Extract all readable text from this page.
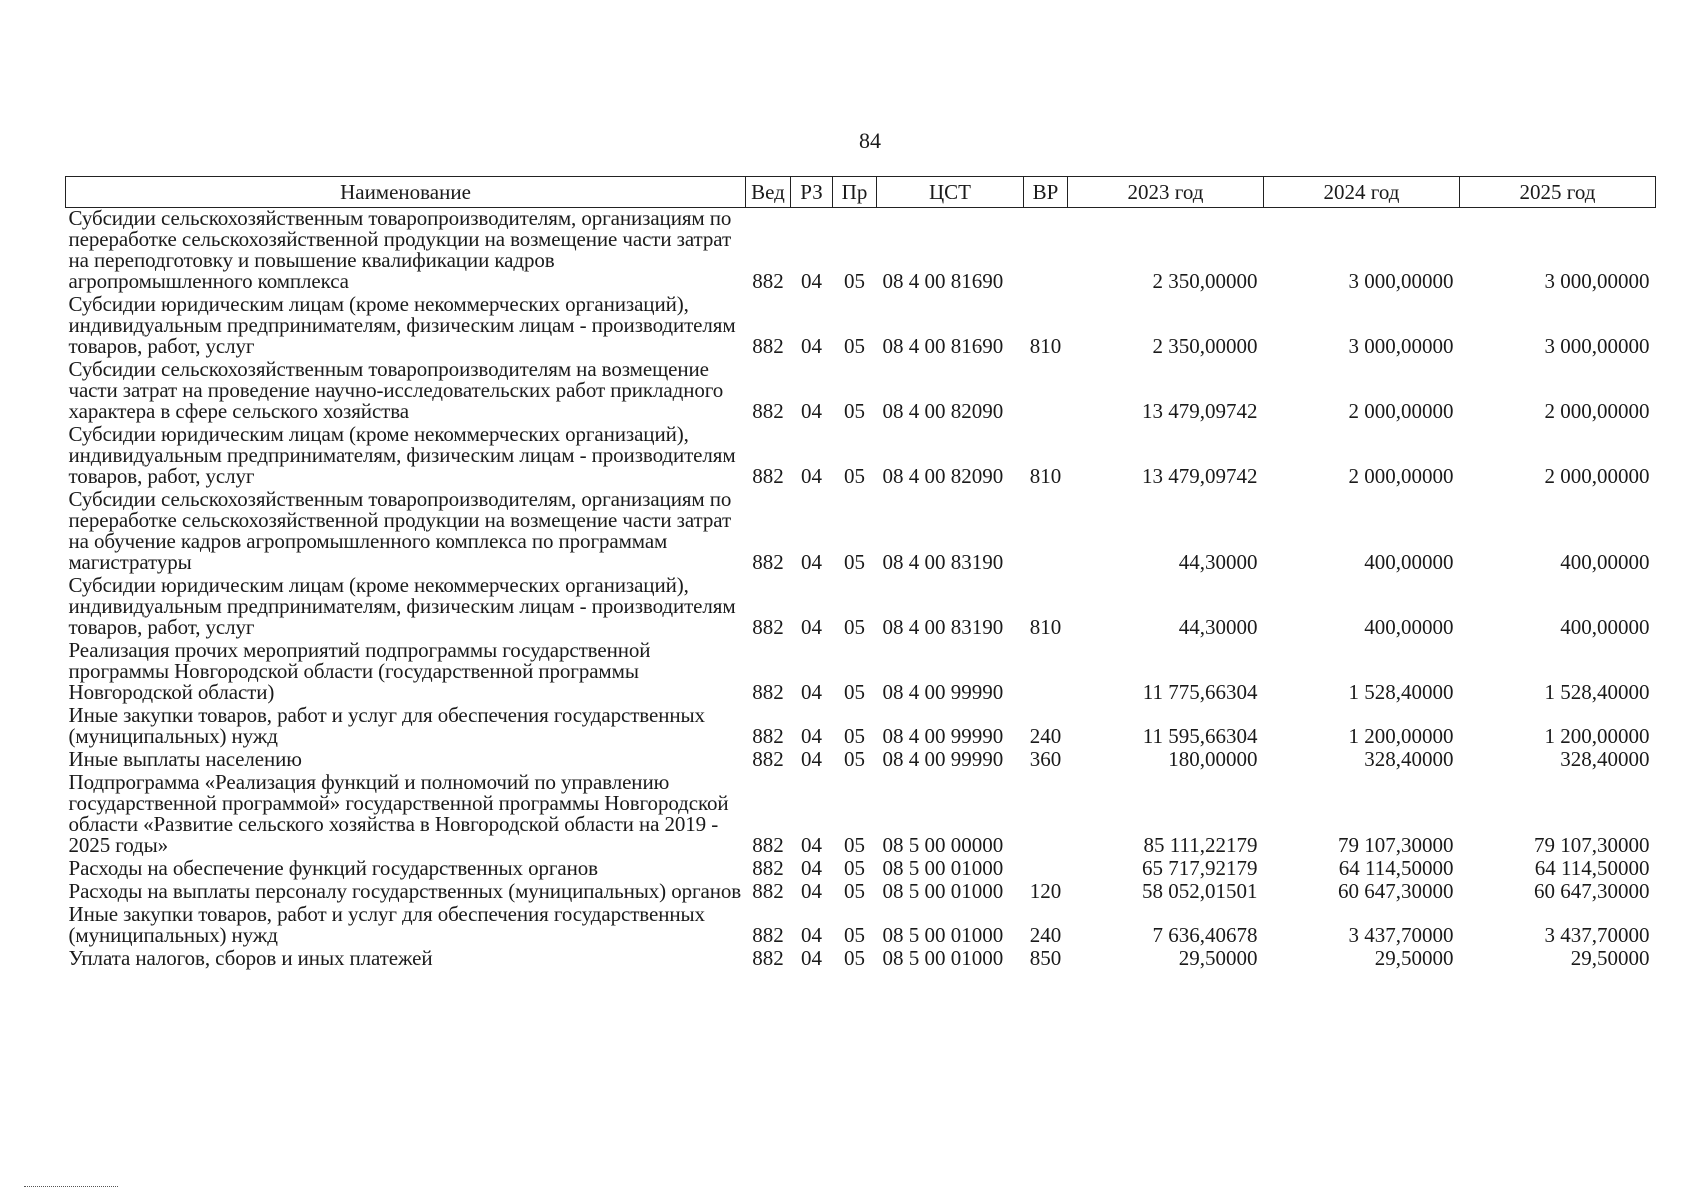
84
Наименование	Вед	РЗ	Пр	ЦСТ	ВР	2023 год	2024 год	2025 год
Субсидии сельскохозяйственным товаропроизводителям, организациям по переработке сельскохозяйственной продукции на возмещение части затрат на переподготовку и повышение квалификации кадров агропромышленного комплекса	882	04	05	08 4 00 81690		2 350,00000	3 000,00000	3 000,00000
Субсидии юридическим лицам (кроме некоммерческих организаций), индивидуальным предпринимателям, физическим лицам - производителям товаров, работ, услуг	882	04	05	08 4 00 81690	810	2 350,00000	3 000,00000	3 000,00000
Субсидии сельскохозяйственным товаропроизводителям на возмещение части затрат на проведение научно-исследовательских работ прикладного характера в сфере сельского хозяйства	882	04	05	08 4 00 82090		13 479,09742	2 000,00000	2 000,00000
Субсидии юридическим лицам (кроме некоммерческих организаций), индивидуальным предпринимателям, физическим лицам - производителям товаров, работ, услуг	882	04	05	08 4 00 82090	810	13 479,09742	2 000,00000	2 000,00000
Субсидии сельскохозяйственным товаропроизводителям, организациям по переработке сельскохозяйственной продукции на возмещение части затрат на обучение кадров агропромышленного комплекса по программам магистратуры	882	04	05	08 4 00 83190		44,30000	400,00000	400,00000
Субсидии юридическим лицам (кроме некоммерческих организаций), индивидуальным предпринимателям, физическим лицам - производителям товаров, работ, услуг	882	04	05	08 4 00 83190	810	44,30000	400,00000	400,00000
Реализация прочих мероприятий подпрограммы государственной программы Новгородской области (государственной программы Новгородской области)	882	04	05	08 4 00 99990		11 775,66304	1 528,40000	1 528,40000
Иные закупки товаров, работ и услуг для обеспечения государственных (муниципальных) нужд	882	04	05	08 4 00 99990	240	11 595,66304	1 200,00000	1 200,00000
Иные выплаты населению	882	04	05	08 4 00 99990	360	180,00000	328,40000	328,40000
Подпрограмма «Реализация функций и полномочий по управлению государственной программой» государственной программы Новгородской области «Развитие сельского хозяйства в Новгородской области на 2019 - 2025 годы»	882	04	05	08 5 00 00000		85 111,22179	79 107,30000	79 107,30000
Расходы на обеспечение функций государственных органов	882	04	05	08 5 00 01000		65 717,92179	64 114,50000	64 114,50000
Расходы на выплаты персоналу государственных (муниципальных) органов	882	04	05	08 5 00 01000	120	58 052,01501	60 647,30000	60 647,30000
Иные закупки товаров, работ и услуг для обеспечения государственных (муниципальных) нужд	882	04	05	08 5 00 01000	240	7 636,40678	3 437,70000	3 437,70000
Уплата налогов, сборов и иных платежей	882	04	05	08 5 00 01000	850	29,50000	29,50000	29,50000
